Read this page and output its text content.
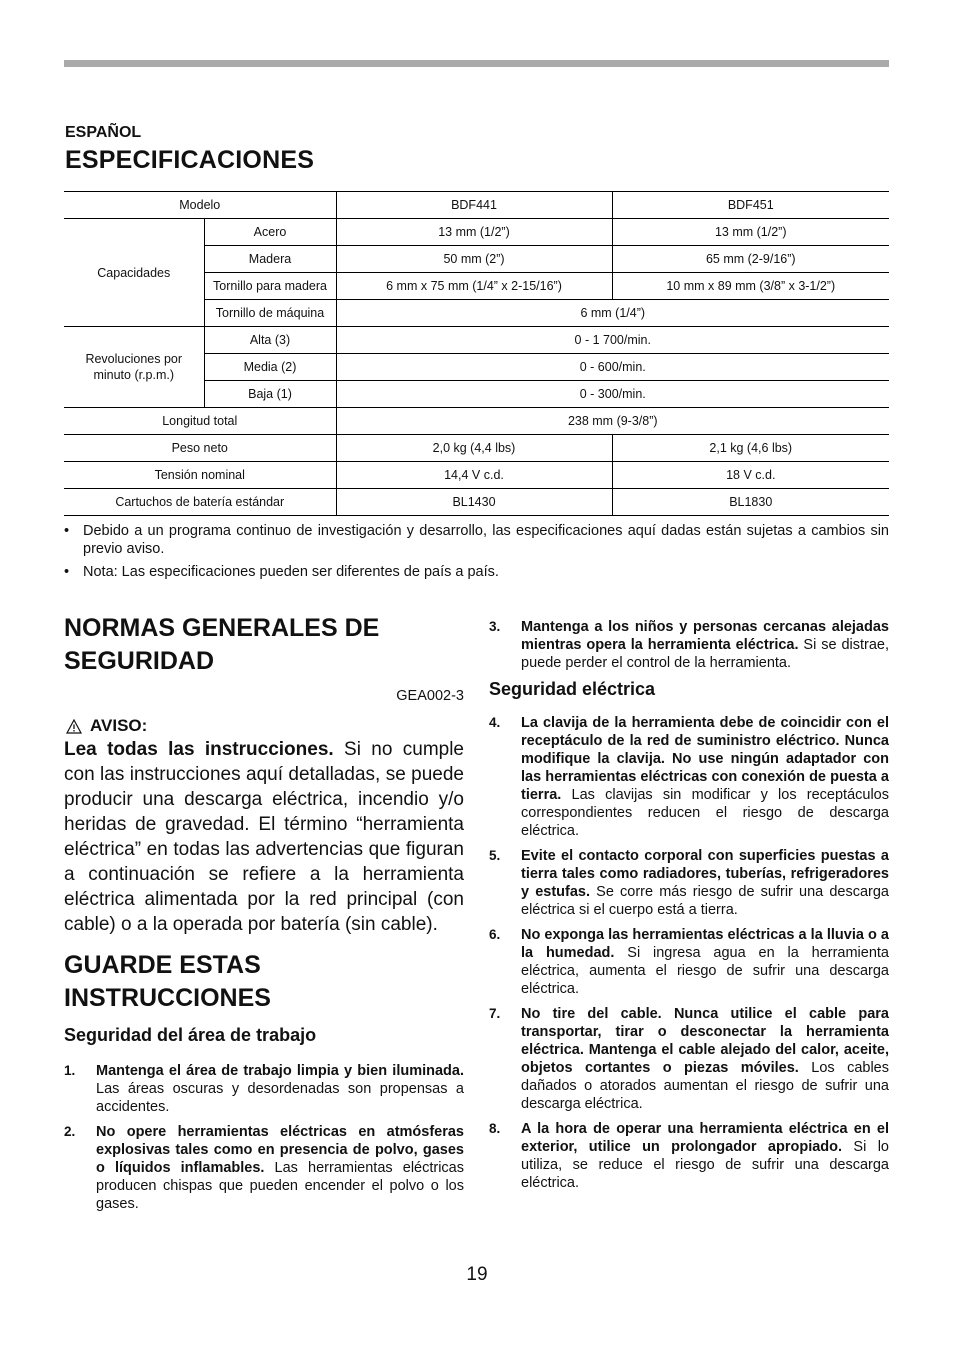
ESPAÑOL
ESPECIFICACIONES
Modelo		BDF441	BDF451
Capacidades	Acero	13 mm (1/2”)	13 mm (1/2”)
	Madera	50 mm (2”)	65 mm (2-9/16”)
	Tornillo para madera	6 mm x 75 mm (1/4” x 2-15/16”)	10 mm x 89 mm (3/8” x 3-1/2”)
	Tornillo de máquina	6 mm (1/4”)	
Revoluciones por minuto (r.p.m.)	Alta (3)	0 - 1 700/min.	
	Media (2)	0 - 600/min.	
	Baja (1)	0 - 300/min.	
Longitud total		238 mm (9-3/8”)	
Peso neto		2,0 kg (4,4 lbs)	2,1 kg (4,6 lbs)
Tensión nominal		14,4 V c.d.	18 V c.d.
Cartuchos de batería estándar		BL1430	BL1830
• Debido a un programa continuo de investigación y desarrollo, las especificaciones aquí dadas están sujetas a cambios sin previo aviso.
• Nota: Las especificaciones pueden ser diferentes de país a país.
NORMAS GENERALES DE SEGURIDAD
GEA002-3
AVISO:
Lea todas las instrucciones. Si no cumple con las instrucciones aquí detalladas, se puede producir una descarga eléctrica, incendio y/o heridas de gravedad. El término “herramienta eléctrica” en todas las advertencias que figuran a continuación se refiere a la herramienta eléctrica alimentada por la red principal (con cable) o a la operada por batería (sin cable).
GUARDE ESTAS INSTRUCCIONES
Seguridad del área de trabajo
1. Mantenga el área de trabajo limpia y bien iluminada. Las áreas oscuras y desordenadas son propensas a accidentes.
2. No opere herramientas eléctricas en atmósferas explosivas tales como en presencia de polvo, gases o líquidos inflamables. Las herramientas eléctricas producen chispas que pueden encender el polvo o los gases.
3. Mantenga a los niños y personas cercanas alejadas mientras opera la herramienta eléctrica. Si se distrae, puede perder el control de la herramienta.
Seguridad eléctrica
4. La clavija de la herramienta debe de coincidir con el receptáculo de la red de suministro eléctrico. Nunca modifique la clavija. No use ningún adaptador con las herramientas eléctricas con conexión de puesta a tierra. Las clavijas sin modificar y los receptáculos correspondientes reducen el riesgo de descarga eléctrica.
5. Evite el contacto corporal con superficies puestas a tierra tales como radiadores, tuberías, refrigeradores y estufas. Se corre más riesgo de sufrir una descarga eléctrica si el cuerpo está a tierra.
6. No exponga las herramientas eléctricas a la lluvia o a la humedad. Si ingresa agua en la herramienta eléctrica, aumenta el riesgo de sufrir una descarga eléctrica.
7. No tire del cable. Nunca utilice el cable para transportar, tirar o desconectar la herramienta eléctrica. Mantenga el cable alejado del calor, aceite, objetos cortantes o piezas móviles. Los cables dañados o atorados aumentan el riesgo de sufrir una descarga eléctrica.
8. A la hora de operar una herramienta eléctrica en el exterior, utilice un prolongador apropiado. Si lo utiliza, se reduce el riesgo de sufrir una descarga eléctrica.
19
